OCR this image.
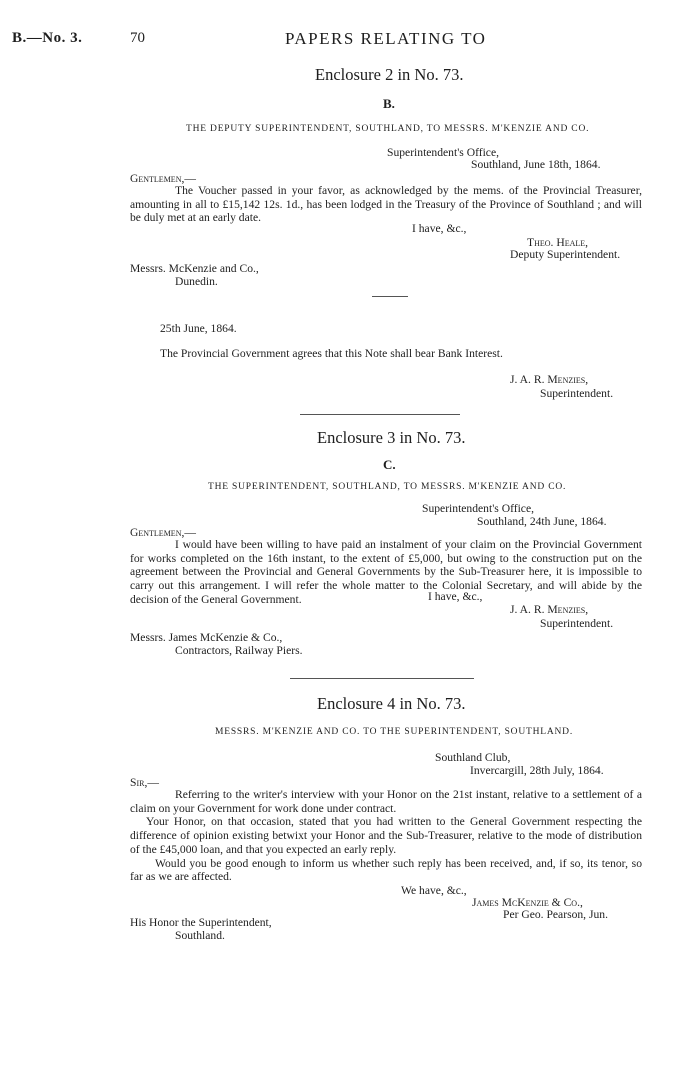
B.—No. 3.	70	PAPERS RELATING TO
Enclosure 2 in No. 73.
B.
THE DEPUTY SUPERINTENDENT, SOUTHLAND, TO MESSRS. M'KENZIE AND CO.
Superintendent's Office,
Southland, June 18th, 1864.
Gentlemen,—

The Voucher passed in your favor, as acknowledged by the mems. of the Provincial Treasurer, amounting in all to £15,142 12s. 1d., has been lodged in the Treasury of the Province of Southland ; and will be duly met at an early date.

I have, &c.,
Theo. Heale,
Deputy Superintendent.
Messrs. McKenzie and Co.,
Dunedin.
25th June, 1864.
The Provincial Government agrees that this Note shall bear Bank Interest.
J. A. R. Menzies,
Superintendent.
Enclosure 3 in No. 73.
C.
THE SUPERINTENDENT, SOUTHLAND, TO MESSRS. M'KENZIE AND CO.
Superintendent's Office,
Southland, 24th June, 1864.
Gentlemen,—

I would have been willing to have paid an instalment of your claim on the Provincial Government for works completed on the 16th instant, to the extent of £5,000, but owing to the construction put on the agreement between the Provincial and General Governments by the Sub-Treasurer here, it is impossible to carry out this arrangement. I will refer the whole matter to the Colonial Secretary, and will abide by the decision of the General Government.	I have, &c.,
J. A. R. Menzies,
Superintendent.
Messrs. James McKenzie & Co.,
Contractors, Railway Piers.
Enclosure 4 in No. 73.
MESSRS. M'KENZIE AND CO. TO THE SUPERINTENDENT, SOUTHLAND.
Southland Club,
Invercargill, 28th July, 1864.
Sir,—

Referring to the writer's interview with your Honor on the 21st instant, relative to a settlement of a claim on your Government for work done under contract.

Your Honor, on that occasion, stated that you had written to the General Government respecting the difference of opinion existing betwixt your Honor and the Sub-Treasurer, relative to the mode of distribution of the £45,000 loan, and that you expected an early reply.

Would you be good enough to inform us whether such reply has been received, and, if so, its tenor, so far as we are affected.

We have, &c.,
James McKenzie & Co.,
Per Geo. Pearson, Jun.
His Honor the Superintendent,
Southland.
